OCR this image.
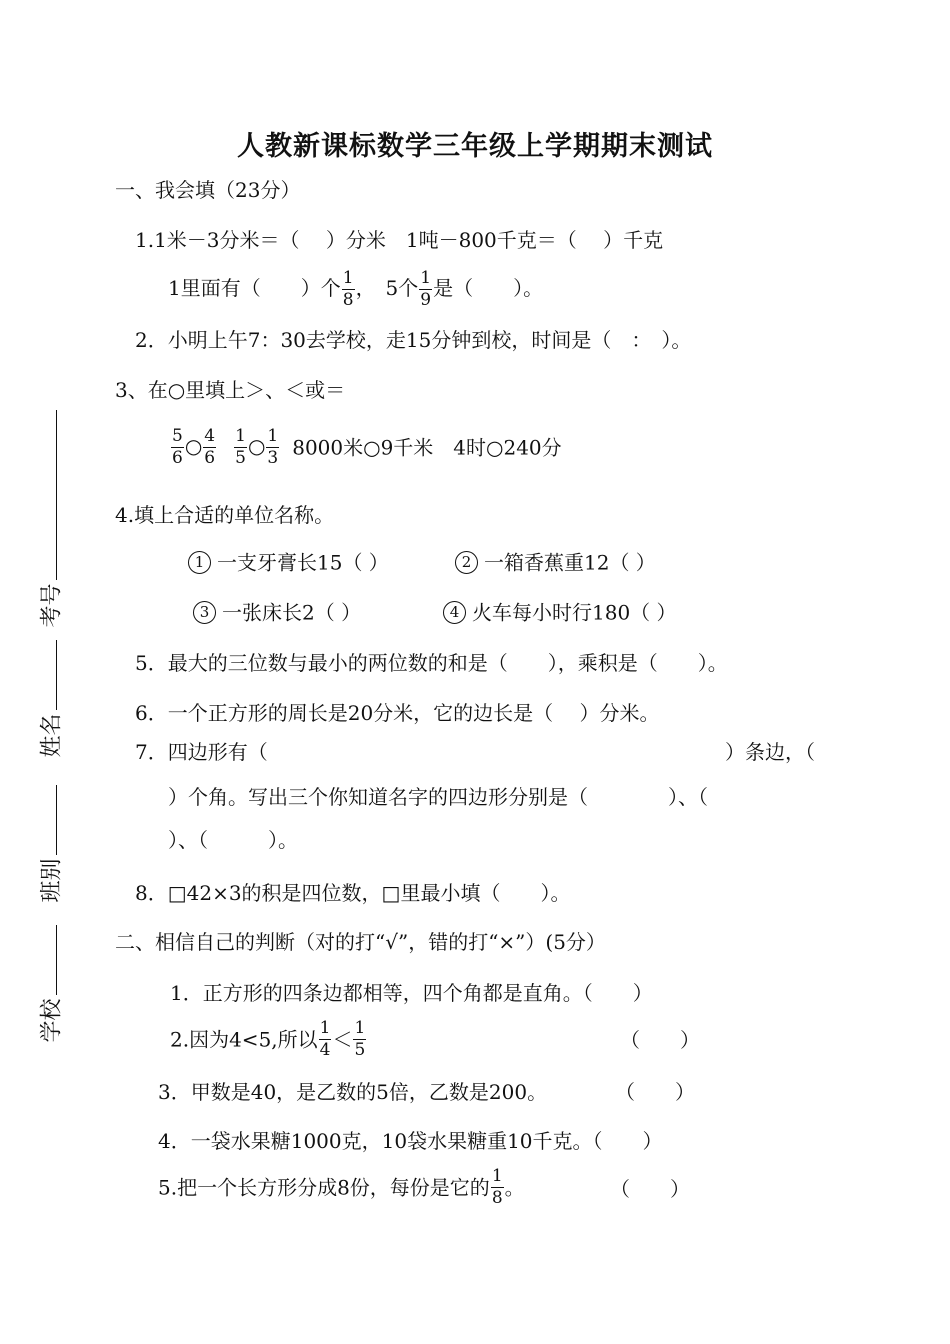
考号
姓名
班别
学校
人教新课标数学三年级上学期期末测试
一、我会填（23分）
1.1米－3分米＝（　 ）分米　1吨－800千克＝（　 ）千克
1里面有（　　）个 $\frac{1}{8}$ ，　5个 $\frac{1}{9}$ 是（　　）。
2．小明上午7：30去学校，走15分钟到校，时间是（　：　）。
3、在○里填上＞、＜或＝
$\frac{5}{6}$ ○ $\frac{4}{6} \frac{1}{5}$ ○ $\frac{1}{3} 8000$米○9千米　4时○240分
4.填上合适的单位名称。
1 一支牙膏长15（ ）	2 一箱香蕉重12（ ）
3 一张床长2（ ）	4 火车每小时行180（ ）
5．最大的三位数与最小的两位数的和是（　　），乘积是（　　）。
6．一个正方形的周长是20分米，它的边长是（　 ）分米。
7．四边形有（	）条边，（
）个角。写出三个你知道名字的四边形分别是（　　　　）、（
）、（　　　）。
8．□42×3的积是四位数，□里最小填（　　）。
二、相信自己的判断（对的打“√”，错的打“×”）(5分）
1．正方形的四条边都相等，四个角都是直角。（　　）
2.因为4<5,所以 $\frac{1}{4} < \frac{1}{5}$	（　　）
3．甲数是40，是乙数的5倍，乙数是200。	（　　）
4．一袋水果糖1000克，10袋水果糖重10千克。（　　）
5.把一个长方形分成8份，每份是它的 $\frac{1}{8}$ 。	（　　）
